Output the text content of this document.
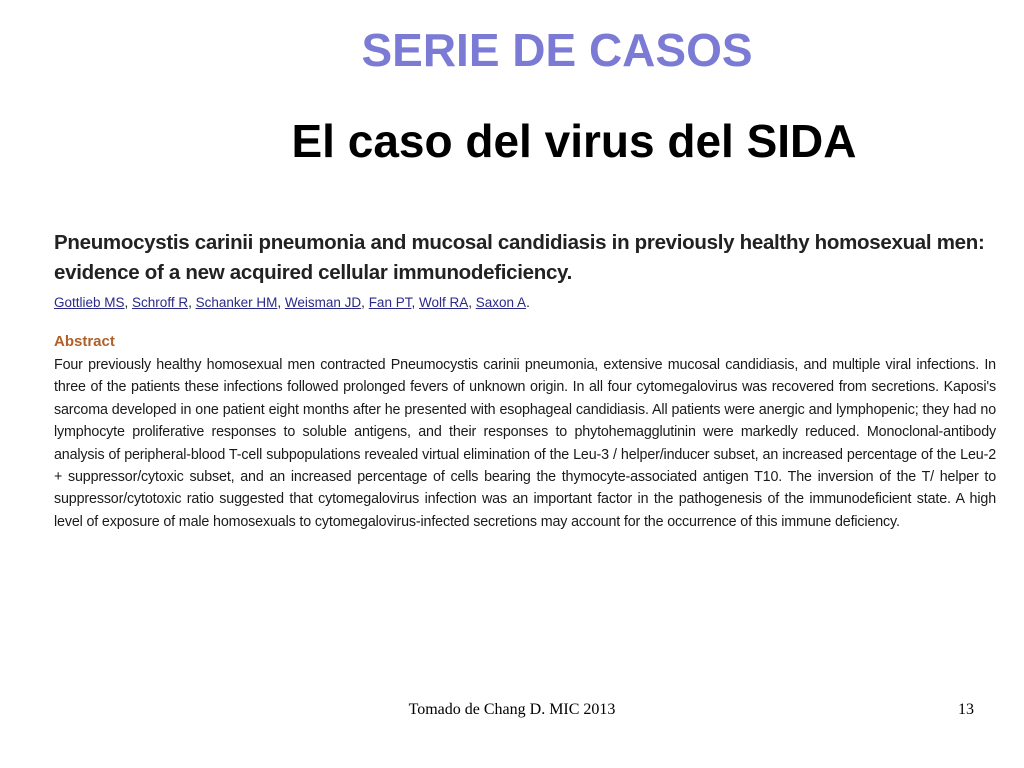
SERIE DE CASOS
El caso del virus del SIDA

Pneumocystis carinii pneumonia and mucosal candidiasis in previously healthy homosexual men: evidence of a new acquired cellular immunodeficiency.

Gottlieb MS, Schroff R, Schanker HM, Weisman JD, Fan PT, Wolf RA, Saxon A.

Abstract

Four previously healthy homosexual men contracted Pneumocystis carinii pneumonia, extensive mucosal candidiasis, and multiple viral infections. In three of the patients these infections followed prolonged fevers of unknown origin. In all four cytomegalovirus was recovered from secretions. Kaposi's sarcoma developed in one patient eight months after he presented with esophageal candidiasis. All patients were anergic and lymphopenic; they had no lymphocyte proliferative responses to soluble antigens, and their responses to phytohemagglutinin were markedly reduced. Monoclonal-antibody analysis of peripheral-blood T-cell subpopulations revealed virtual elimination of the Leu-3 / helper/inducer subset, an increased percentage of the Leu-2 + suppressor/cytoxic subset, and an increased percentage of cells bearing the thymocyte-associated antigen T10. The inversion of the T/ helper to suppressor/cytotoxic ratio suggested that cytomegalovirus infection was an important factor in the pathogenesis of the immunodeficient state. A high level of exposure of male homosexuals to cytomegalovirus-infected secretions may account for the occurrence of this immune deficiency.

Tomado de Chang D. MIC 2013	13
